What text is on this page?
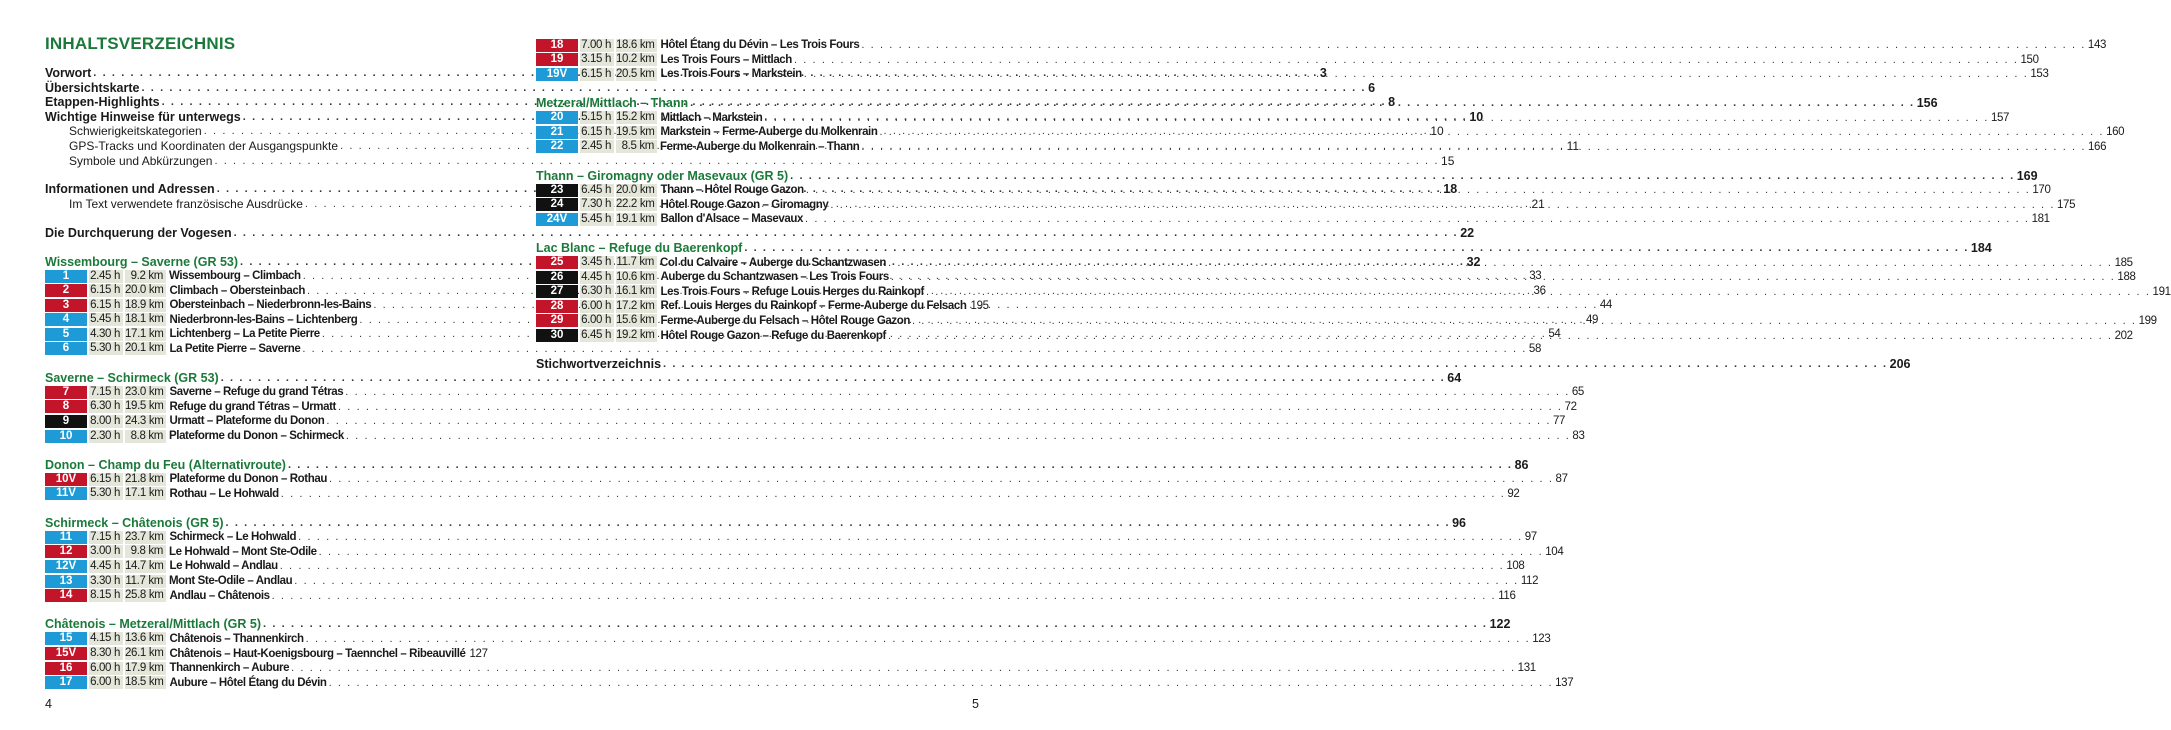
INHALTSVERZEICHNIS
Vorwort . . .	3
Übersichtskarte . . .	6
Etappen-Highlights . . .	8
Wichtige Hinweise für unterwegs . . .	10
Schwierigkeitskategorien . . .	10
GPS-Tracks und Koordinaten der Ausgangspunkte . . .	11
Symbole und Abkürzungen . . .	15
Informationen und Adressen . . .	18
Im Text verwendete französische Ausdrücke . . .	21
Die Durchquerung der Vogesen . . .	22
Wissembourg – Saverne (GR 53) . . .	32
1	2.45 h 9.2 km Wissembourg – Climbach . . .	33
2	6.15 h 20.0 km Climbach – Obersteinbach . . .	36
3	6.15 h 18.9 km Obersteinbach – Niederbronn-les-Bains . . .	44
4	5.45 h 18.1 km Niederbronn-les-Bains – Lichtenberg . . .	49
5	4.30 h 17.1 km Lichtenberg – La Petite Pierre . . .	54
6	5.30 h 20.1 km La Petite Pierre – Saverne . . .	58
Saverne – Schirmeck (GR 53) . . .	64
7	7.15 h 23.0 km Saverne – Refuge du grand Tétras . . .	65
8	6.30 h 19.5 km Refuge du grand Tétras – Urmatt . . .	72
9	8.00 h 24.3 km Urmatt – Plateforme du Donon . . .	77
10	2.30 h 8.8 km Plateforme du Donon – Schirmeck . . .	83
Donon – Champ du Feu (Alternativroute) . . .	86
10V	6.15 h 21.8 km Plateforme du Donon – Rothau . . .	87
11V	5.30 h 17.1 km Rothau – Le Hohwald . . .	92
Schirmeck – Châtenois (GR 5) . . .	96
11	7.15 h 23.7 km Schirmeck – Le Hohwald . . .	97
12	3.00 h 9.8 km Le Hohwald – Mont Ste-Odile . . .	104
12V	4.45 h 14.7 km Le Hohwald – Andlau . . .	108
13	3.30 h 11.7 km Mont Ste-Odile – Andlau . . .	112
14	8.15 h 25.8 km Andlau – Châtenois . . .	116
Châtenois – Metzeral/Mittlach (GR 5) . . .	122
15	4.15 h 13.6 km Châtenois – Thannenkirch . . .	123
15V	8.30 h 26.1 km Châtenois – Haut-Koenigsbourg – Taennchel – Ribeauvillé 127
16	6.00 h 17.9 km Thannenkirch – Aubure . . .	131
17	6.00 h 18.5 km Aubure – Hôtel Étang du Dévin . . .	137
4
18	7.00 h 18.6 km Hôtel Étang du Dévin – Les Trois Fours . . .	143
19	3.15 h 10.2 km Les Trois Fours – Mittlach . . .	150
19V	6.15 h 20.5 km Les Trois Fours – Markstein . . .	153
Metzeral/Mittlach – Thann . . .	156
20	5.15 h 15.2 km Mittlach – Markstein . . .	157
21	6.15 h 19.5 km Markstein – Ferme-Auberge du Molkenrain . . .	160
22	2.45 h 8.5 km Ferme-Auberge du Molkenrain – Thann . . .	166
Thann – Giromagny oder Masevaux (GR 5) . . .	169
23	6.45 h 20.0 km Thann – Hôtel Rouge Gazon . . .	170
24	7.30 h 22.2 km Hôtel Rouge Gazon – Giromagny . . .	175
24V	5.45 h 19.1 km Ballon d'Alsace – Masevaux . . .	181
Lac Blanc – Refuge du Baerenkopf . . .	184
25	3.45 h 11.7 km Col du Calvaire – Auberge du Schantzwasen . . .	185
26	4.45 h 10.6 km Auberge du Schantzwasen – Les Trois Fours . . .	188
27	6.30 h 16.1 km Les Trois Fours – Refuge Louis Herges du Rainkopf . . .	191
28	6.00 h 17.2 km Ref. Louis Herges du Rainkopf – Ferme-Auberge du Felsach 195
29	6.00 h 15.6 km Ferme-Auberge du Felsach – Hôtel Rouge Gazon . . .	199
30	6.45 h 19.2 km Hôtel Rouge Gazon – Refuge du Baerenkopf . . .	202
Stichwortverzeichnis . . .	206
5
